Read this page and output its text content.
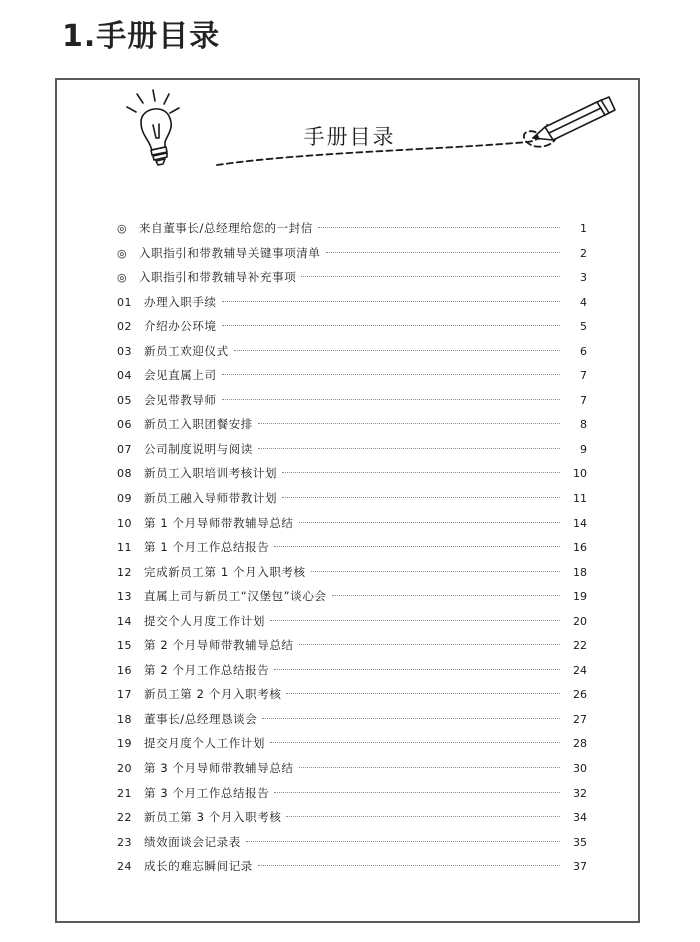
1.手册目录
手册目录
◎	来自董事长/总经理给您的一封信	1
◎	入职指引和带教辅导关键事项清单	2
◎	入职指引和带教辅导补充事项	3
01	办理入职手续	4
02	介绍办公环境	5
03	新员工欢迎仪式	6
04	会见直属上司	7
05	会见带教导师	7
06	新员工入职团餐安排	8
07	公司制度说明与阅读	9
08	新员工入职培训考核计划	10
09	新员工融入导师带教计划	11
10	第 1 个月导师带教辅导总结	14
11	第 1 个月工作总结报告	16
12	完成新员工第 1 个月入职考核	18
13	直属上司与新员工“汉堡包”谈心会	19
14	提交个人月度工作计划	20
15	第 2 个月导师带教辅导总结	22
16	第 2 个月工作总结报告	24
17	新员工第 2 个月入职考核	26
18	董事长/总经理恳谈会	27
19	提交月度个人工作计划	28
20	第 3 个月导师带教辅导总结	30
21	第 3 个月工作总结报告	32
22	新员工第 3 个月入职考核	34
23	绩效面谈会记录表	35
24	成长的难忘瞬间记录	37
